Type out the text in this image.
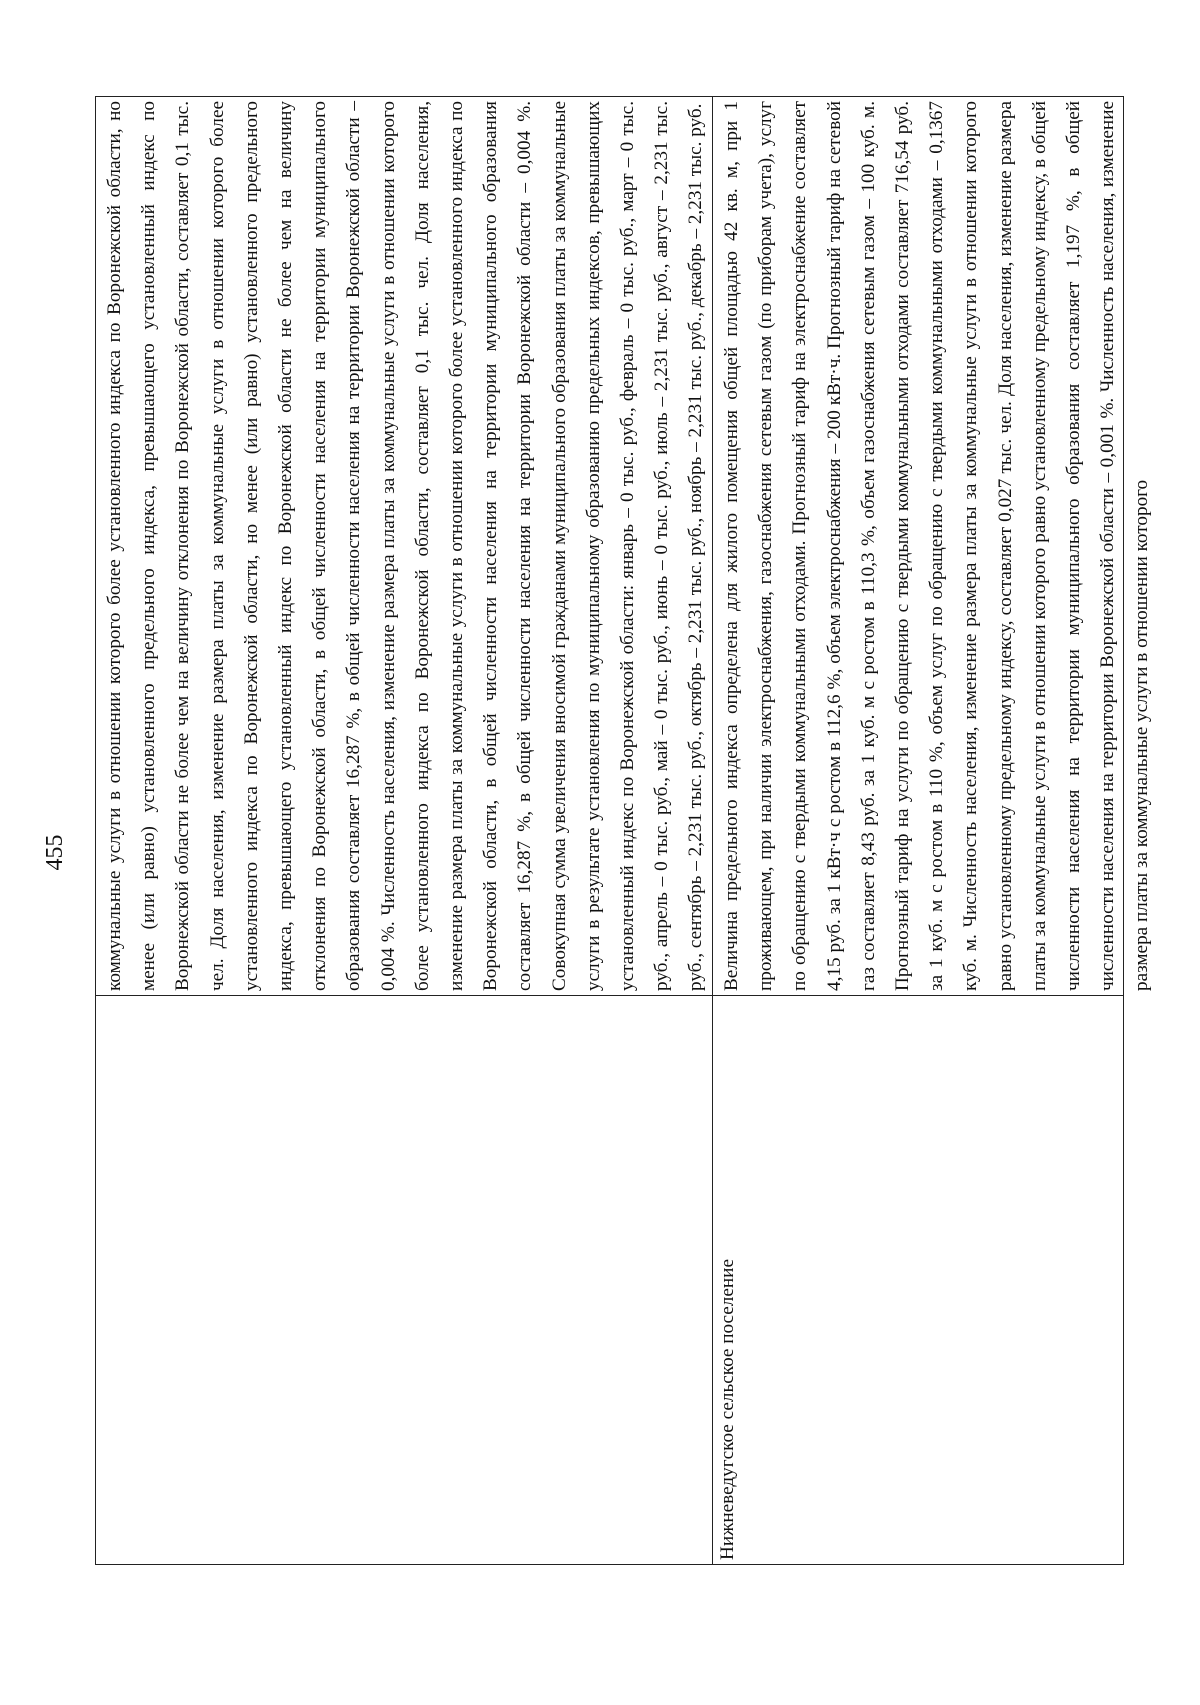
455

	коммунальные услуги в отношении которого более установленного индекса по Воронежской области, но менее (или равно) установленного предельного индекса, превышающего установленный индекс по Воронежской области не более чем на величину отклонения по Воронежской области, составляет 0,1 тыс. чел. Доля населения, изменение размера платы за коммунальные услуги в отношении которого более установленного индекса по Воронежской области, но менее (или равно) установленного предельного индекса, превышающего установленный индекс по Воронежской области не более чем на величину отклонения по Воронежской области, в общей численности населения на территории муниципального образования составляет 16,287 %, в общей численности населения на территории Воронежской области – 0,004 %. Численность населения, изменение размера платы за коммунальные услуги в отношении которого более установленного индекса по Воронежской области, составляет 0,1 тыс. чел. Доля населения, изменение размера платы за коммунальные услуги в отношении которого более установленного индекса по Воронежской области, в общей численности населения на территории муниципального образования составляет 16,287 %, в общей численности населения на территории Воронежской области – 0,004 %. Совокупная сумма увеличения вносимой гражданами муниципального образования платы за коммунальные услуги в результате установления по муниципальному образованию предельных индексов, превышающих установленный индекс по Воронежской области: январь – 0 тыс. руб., февраль – 0 тыс. руб., март – 0 тыс. руб., апрель – 0 тыс. руб., май – 0 тыс. руб., июнь – 0 тыс. руб., июль – 2,231 тыс. руб., август – 2,231 тыс. руб., сентябрь – 2,231 тыс. руб., октябрь – 2,231 тыс. руб., ноябрь – 2,231 тыс. руб., декабрь – 2,231 тыс. руб.

Нижневедугское сельское поселение	Величина предельного индекса определена для жилого помещения общей площадью 42 кв. м, при 1 проживающем, при наличии электроснабжения, газоснабжения сетевым газом (по приборам учета), услуг по обращению с твердыми коммунальными отходами. Прогнозный тариф на электроснабжение составляет 4,15 руб. за 1 кВт·ч с ростом в 112,6 %, объем электроснабжения – 200 кВт·ч. Прогнозный тариф на сетевой газ составляет 8,43 руб. за 1 куб. м с ростом в 110,3 %, объем газоснабжения сетевым газом – 100 куб. м. Прогнозный тариф на услуги по обращению с твердыми коммунальными отходами составляет 716,54 руб. за 1 куб. м с ростом в 110 %, объем услуг по обращению с твердыми коммунальными отходами – 0,1367 куб. м. Численность населения, изменение размера платы за коммунальные услуги в отношении которого равно установленному предельному индексу, составляет 0,027 тыс. чел. Доля населения, изменение размера платы за коммунальные услуги в отношении которого равно установленному предельному индексу, в общей численности населения на территории муниципального образования составляет 1,197 %, в общей численности населения на территории Воронежской области – 0,001 %. Численность населения, изменение размера платы за коммунальные услуги в отношении которого
